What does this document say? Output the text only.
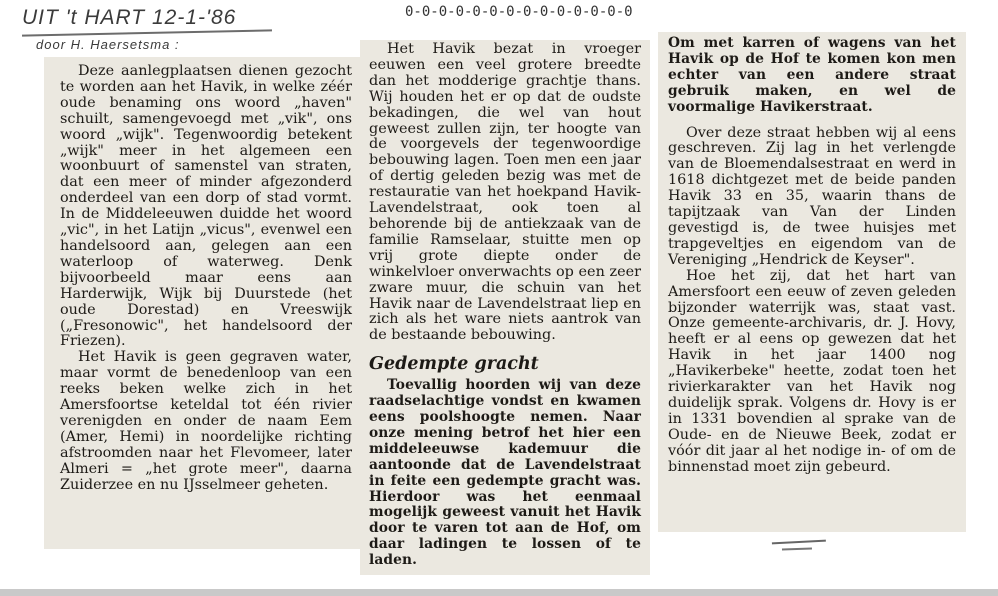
UIT 't HART 12-1-'86
door H. Haersetsma :
0-0-0-0-0-0-0-0-0-0-0-0-0-0

Deze aanlegplaatsen dienen gezocht te worden aan het Havik, in welke zéér oude benaming ons woord „haven" schuilt, samengevoegd met „vik", ons woord „wijk". Tegenwoordig betekent „wijk" meer in het algemeen een woonbuurt of samenstel van straten, dat een meer of minder afgezonderd onderdeel van een dorp of stad vormt. In de Middeleeuwen duidde het woord „vic", in het Latijn „vicus", evenwel een handelsoord aan, gelegen aan een waterloop of waterweg. Denk bijvoorbeeld maar eens aan Harderwijk, Wijk bij Duurstede (het oude Dorestad) en Vreeswijk („Fresonowic", het handelsoord der Friezen).

Het Havik is geen gegraven water, maar vormt de benedenloop van een reeks beken welke zich in het Amersfoortse keteldal tot één rivier verenigden en onder de naam Eem (Amer, Hemi) in noordelijke richting afstroomden naar het Flevomeer, later Almeri = „het grote meer", daarna Zuiderzee en nu IJsselmeer geheten.

Het Havik bezat in vroeger eeuwen een veel grotere breedte dan het modderige grachtje thans. Wij houden het er op dat de oudste bekadingen, die wel van hout geweest zullen zijn, ter hoogte van de voorgevels der tegenwoordige bebouwing lagen. Toen men een jaar of dertig geleden bezig was met de restauratie van het hoekpand Havik-Lavendelstraat, ook toen al behorende bij de antiekzaak van de familie Ramselaar, stuitte men op vrij grote diepte onder de winkelvloer onverwachts op een zeer zware muur, die schuin van het Havik naar de Lavendelstraat liep en zich als het ware niets aantrok van de bestaande bebouwing.

Gedempte gracht

Toevallig hoorden wij van deze raadselachtige vondst en kwamen eens poolshoogte nemen. Naar onze mening betrof het hier een middeleeuwse kademuur die aantoonde dat de Lavendelstraat in feite een gedempte gracht was. Hierdoor was het eenmaal mogelijk geweest vanuit het Havik door te varen tot aan de Hof, om daar ladingen te lossen of te laden.

Om met karren of wagens van het Havik op de Hof te komen kon men echter van een andere straat gebruik maken, en wel de voormalige Havikerstraat.

Over deze straat hebben wij al eens geschreven. Zij lag in het verlengde van de Bloemendalsestraat en werd in 1618 dichtgezet met de beide panden Havik 33 en 35, waarin thans de tapijtzaak van Van der Linden gevestigd is, de twee huisjes met trapgeveltjes en eigendom van de Vereniging „Hendrick de Keyser".

Hoe het zij, dat het hart van Amersfoort een eeuw of zeven geleden bijzonder waterrijk was, staat vast. Onze gemeente-archivaris, dr. J. Hovy, heeft er al eens op gewezen dat het Havik in het jaar 1400 nog „Havikerbeke" heette, zodat toen het rivierkarakter van het Havik nog duidelijk sprak. Volgens dr. Hovy is er in 1331 bovendien al sprake van de Oude- en de Nieuwe Beek, zodat er vóór dit jaar al het nodige in- of om de binnenstad moet zijn gebeurd.
